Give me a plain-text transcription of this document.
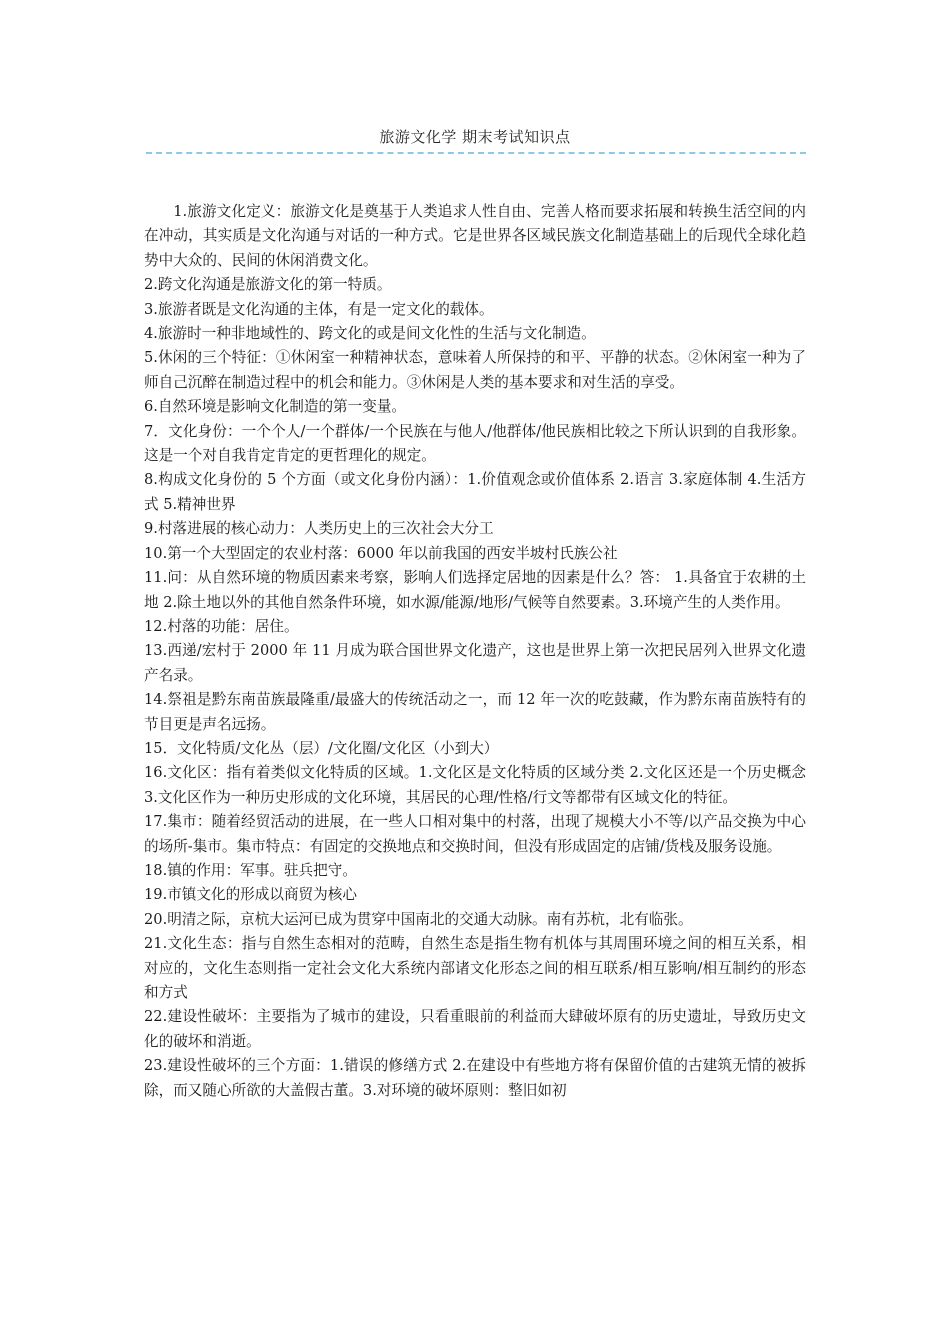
旅游文化学 期末考试知识点

1.旅游文化定义：旅游文化是奠基于人类追求人性自由、完善人格而要求拓展和转换生活空间的内在冲动，其实质是文化沟通与对话的一种方式。它是世界各区域民族文化制造基础上的后现代全球化趋势中大众的、民间的休闲消费文化。

2.跨文化沟通是旅游文化的第一特质。

3.旅游者既是文化沟通的主体，有是一定文化的载体。

4.旅游时一种非地域性的、跨文化的或是间文化性的生活与文化制造。

5.休闲的三个特征：①休闲室一种精神状态，意味着人所保持的和平、平静的状态。②休闲室一种为了师自己沉醉在制造过程中的机会和能力。③休闲是人类的基本要求和对生活的享受。

6.自然环境是影响文化制造的第一变量。

7．文化身份：一个个人/一个群体/一个民族在与他人/他群体/他民族相比较之下所认识到的自我形象。这是一个对自我肯定肯定的更哲理化的规定。

8.构成文化身份的 5 个方面（或文化身份内涵）：1.价值观念或价值体系 2.语言 3.家庭体制 4.生活方式 5.精神世界

9.村落进展的核心动力：人类历史上的三次社会大分工

10.第一个大型固定的农业村落：6000 年以前我国的西安半坡村氏族公社

11.问：从自然环境的物质因素来考察，影响人们选择定居地的因素是什么？答： 1.具备宜于农耕的土地 2.除土地以外的其他自然条件环境，如水源/能源/地形/气候等自然要素。3.环境产生的人类作用。

12.村落的功能：居住。

13.西递/宏村于 2000 年 11 月成为联合国世界文化遗产，这也是世界上第一次把民居列入世界文化遗产名录。

14.祭祖是黔东南苗族最隆重/最盛大的传统活动之一，而 12 年一次的吃鼓藏，作为黔东南苗族特有的节目更是声名远扬。

15．文化特质/文化丛（层）/文化圈/文化区（小到大）

16.文化区：指有着类似文化特质的区域。1.文化区是文化特质的区域分类 2.文化区还是一个历史概念 3.文化区作为一种历史形成的文化环境，其居民的心理/性格/行文等都带有区域文化的特征。

17.集市：随着经贸活动的进展，在一些人口相对集中的村落，出现了规模大小不等/以产品交换为中心的场所-集市。集市特点：有固定的交换地点和交换时间，但没有形成固定的店铺/货栈及服务设施。

18.镇的作用：军事。驻兵把守。

19.市镇文化的形成以商贸为核心

20.明清之际，京杭大运河已成为贯穿中国南北的交通大动脉。南有苏杭，北有临张。

21.文化生态：指与自然生态相对的范畴，自然生态是指生物有机体与其周围环境之间的相互关系，相对应的，文化生态则指一定社会文化大系统内部诸文化形态之间的相互联系/相互影响/相互制约的形态和方式

22.建设性破坏：主要指为了城市的建设，只看重眼前的利益而大肆破坏原有的历史遗址，导致历史文化的破坏和消逝。

23.建设性破坏的三个方面：1.错误的修缮方式 2.在建设中有些地方将有保留价值的古建筑无情的被拆除，而又随心所欲的大盖假古董。3.对环境的破坏原则：整旧如初
